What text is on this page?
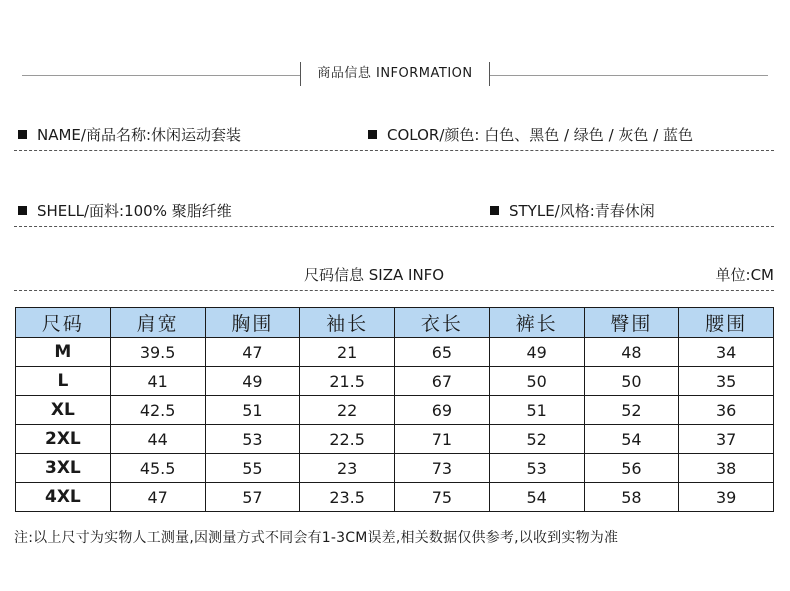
商品信息 INFORMATION
NAME/商品名称:休闲运动套装	COLOR/颜色: 白色、黑色 / 绿色 / 灰色 / 蓝色
SHELL/面料:100% 聚脂纤维	STYLE/风格:青春休闲
尺码信息 SIZA INFO	单位:CM
尺码	肩宽	胸围	袖长	衣长	裤长	臀围	腰围
M	39.5	47	21	65	49	48	34
L	41	49	21.5	67	50	50	35
XL	42.5	51	22	69	51	52	36
2XL	44	53	22.5	71	52	54	37
3XL	45.5	55	23	73	53	56	38
4XL	47	57	23.5	75	54	58	39
注:以上尺寸为实物人工测量,因测量方式不同会有1-3CM误差,相关数据仅供参考,以收到实物为准
